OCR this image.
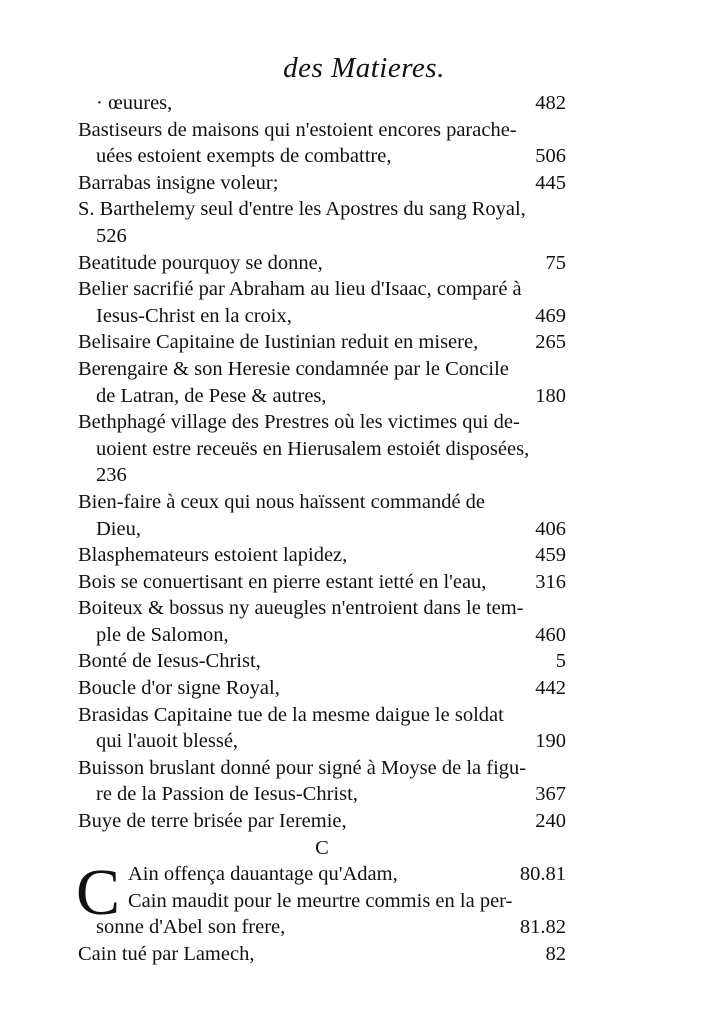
des Matieres.
· œuures,	482
Bastiseurs de maisons qui n'estoient encores parache-
uées estoient exempts de combattre,	506
Barrabas insigne voleur;	445
S. Barthelemy seul d'entre les Apostres du sang Royal,
526
Beatitude pourquoy se donne,	75
Belier sacrifié par Abraham au lieu d'Isaac, comparé à
Iesus-Christ en la croix,	469
Belisaire Capitaine de Iustinian reduit en misere,	265
Berengaire & son Heresie condamnée par le Concile
de Latran, de Pese & autres,	180
Bethphagé village des Prestres où les victimes qui de-
uoient estre receuës en Hierusalem estoiét disposées,
236
Bien-faire à ceux qui nous haïssent commandé de
Dieu,	406
Blasphemateurs estoient lapidez,	459
Bois se conuertisant en pierre estant ietté en l'eau, 316
Boiteux & bossus ny aueugles n'entroient dans le tem-
ple de Salomon,	460
Bonté de Iesus-Christ,	5
Boucle d'or signe Royal,	442
Brasidas Capitaine tue de la mesme daigue le soldat
qui l'auoit blessé,	190
Buisson bruslant donné pour signé à Moyse de la figu-
re de la Passion de Iesus-Christ,	367
Buye de terre brisée par Ieremie,	240
C
C Ain offença dauantage qu'Adam,	80.81
Cain maudit pour le meurtre commis en la per-
sonne d'Abel son frere,	81.82
Cain tué par Lamech,	82
